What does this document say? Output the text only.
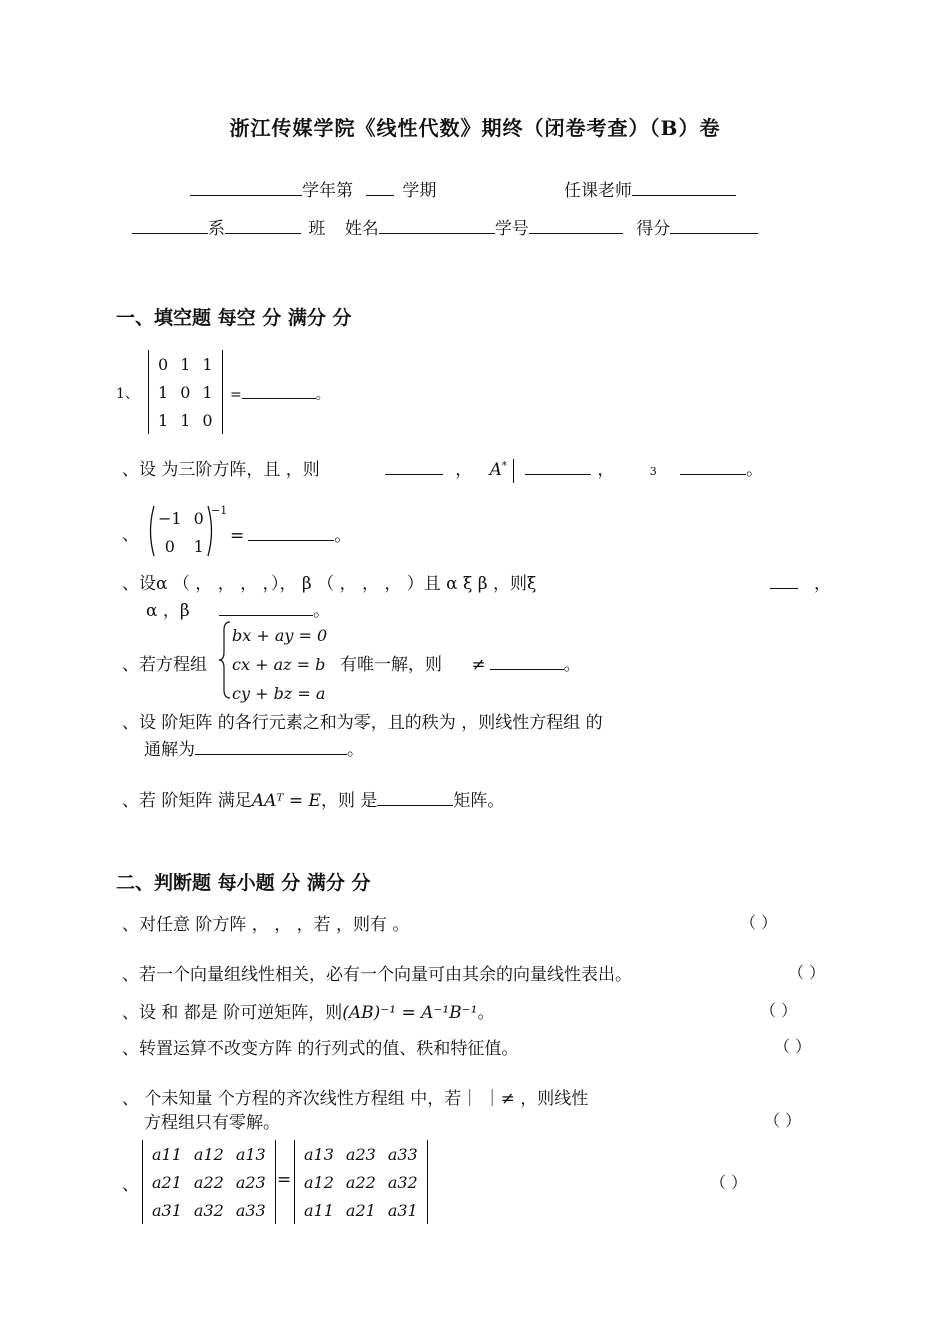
浙江传媒学院《线性代数》期终（闭卷考查）（B）卷
学年第	学期	任课老师
系	班 姓名	学号	得分
一、填空题 每空 分 满分 分
1、
0	1	1
1	0	1
1	1	0
=	。
、设 为三阶方阵，且 ，则	， A*	，	3	。
、
−1	0
0	1
−1
=	。
、设α （ ， ， ， ，）， β （ ， ， ， ）且 α ξ β ，则ξ	，
α ，β	。
、若方程组
bx + ay = 0
cx + az = b
cy + bz = a
有唯一解，则 ≠	。
、设 阶矩阵 的各行元素之和为零，且的秩为 ，则线性方程组 的
通解为	。
、若 阶矩阵 满足AAᵀ = E，则 是	矩阵。
二、判断题 每小题 分 满分 分
、对任意 阶方阵 ， ， ，若 ，则有 。	（ ）
、若一个向量组线性相关，必有一个向量可由其余的向量线性表出。	（ ）
、设 和 都是 阶可逆矩阵，则(AB)⁻¹ = A⁻¹B⁻¹。	（ ）
、转置运算不改变方阵 的行列式的值、秩和特征值。	（ ）
、 个未知量 个方程的齐次线性方程组 中，若｜ ｜≠ ，则线性
方程组只有零解。	（ ）
、
a11	a12	a13
a21	a22	a23
a31	a32	a33
=
a13	a23	a33
a12	a22	a32
a11	a21	a31
（ ）
